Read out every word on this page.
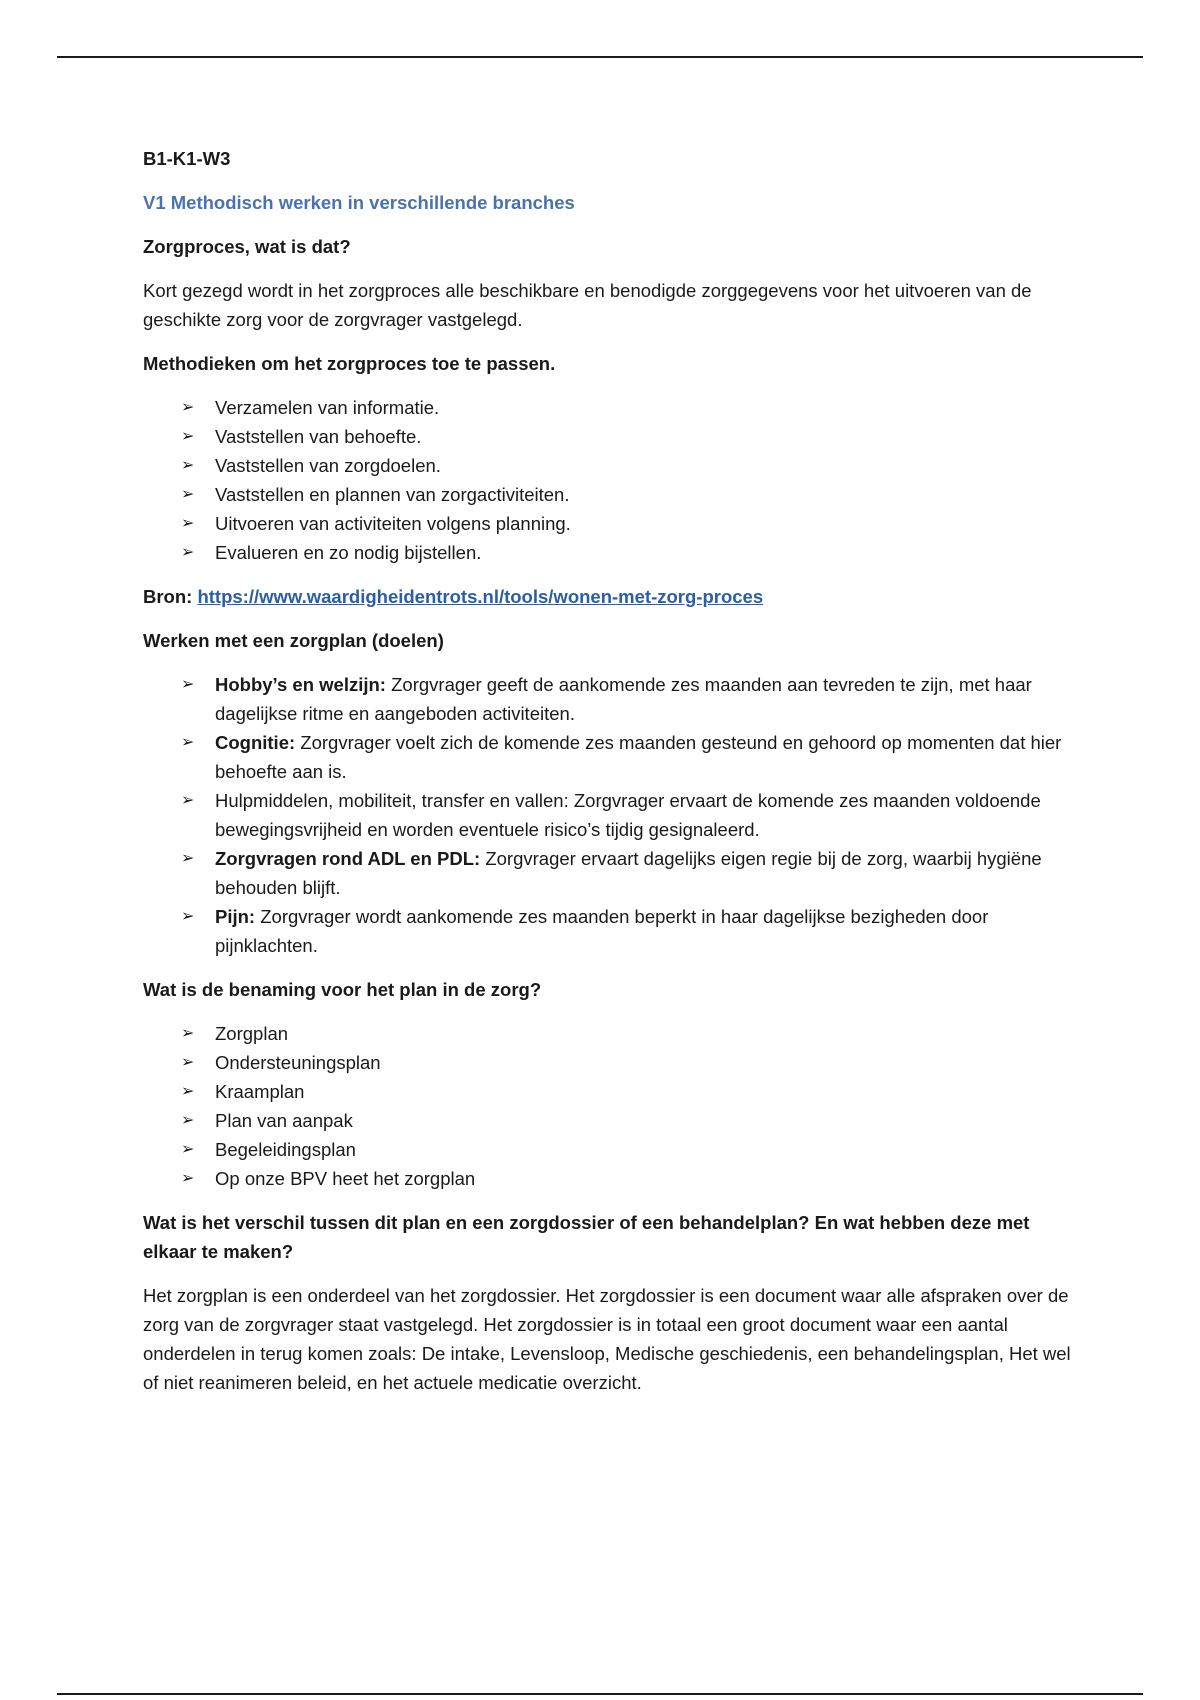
B1-K1-W3
V1 Methodisch werken in verschillende branches
Zorgproces, wat is dat?
Kort gezegd wordt in het zorgproces alle beschikbare en benodigde zorggegevens voor het uitvoeren van de geschikte zorg voor de zorgvrager vastgelegd.
Methodieken om het zorgproces toe te passen.
➢ Verzamelen van informatie.
➢ Vaststellen van behoefte.
➢ Vaststellen van zorgdoelen.
➢ Vaststellen en plannen van zorgactiviteiten.
➢ Uitvoeren van activiteiten volgens planning.
➢ Evalueren en zo nodig bijstellen.
Bron: https://www.waardigheidentrots.nl/tools/wonen-met-zorg-proces
Werken met een zorgplan (doelen)
➢ Hobby’s en welzijn: Zorgvrager geeft de aankomende zes maanden aan tevreden te zijn, met haar dagelijkse ritme en aangeboden activiteiten.
➢ Cognitie: Zorgvrager voelt zich de komende zes maanden gesteund en gehoord op momenten dat hier behoefte aan is.
➢ Hulpmiddelen, mobiliteit, transfer en vallen: Zorgvrager ervaart de komende zes maanden voldoende bewegingsvrijheid en worden eventuele risico’s tijdig gesignaleerd.
➢ Zorgvragen rond ADL en PDL: Zorgvrager ervaart dagelijks eigen regie bij de zorg, waarbij hygiëne behouden blijft.
➢ Pijn: Zorgvrager wordt aankomende zes maanden beperkt in haar dagelijkse bezigheden door pijnklachten.
Wat is de benaming voor het plan in de zorg?
➢ Zorgplan
➢ Ondersteuningsplan
➢ Kraamplan
➢ Plan van aanpak
➢ Begeleidingsplan
➢ Op onze BPV heet het zorgplan
Wat is het verschil tussen dit plan en een zorgdossier of een behandelplan? En wat hebben deze met elkaar te maken?
Het zorgplan is een onderdeel van het zorgdossier. Het zorgdossier is een document waar alle afspraken over de zorg van de zorgvrager staat vastgelegd. Het zorgdossier is in totaal een groot document waar een aantal onderdelen in terug komen zoals: De intake, Levensloop, Medische geschiedenis, een behandelingsplan, Het wel of niet reanimeren beleid, en het actuele medicatie overzicht.
